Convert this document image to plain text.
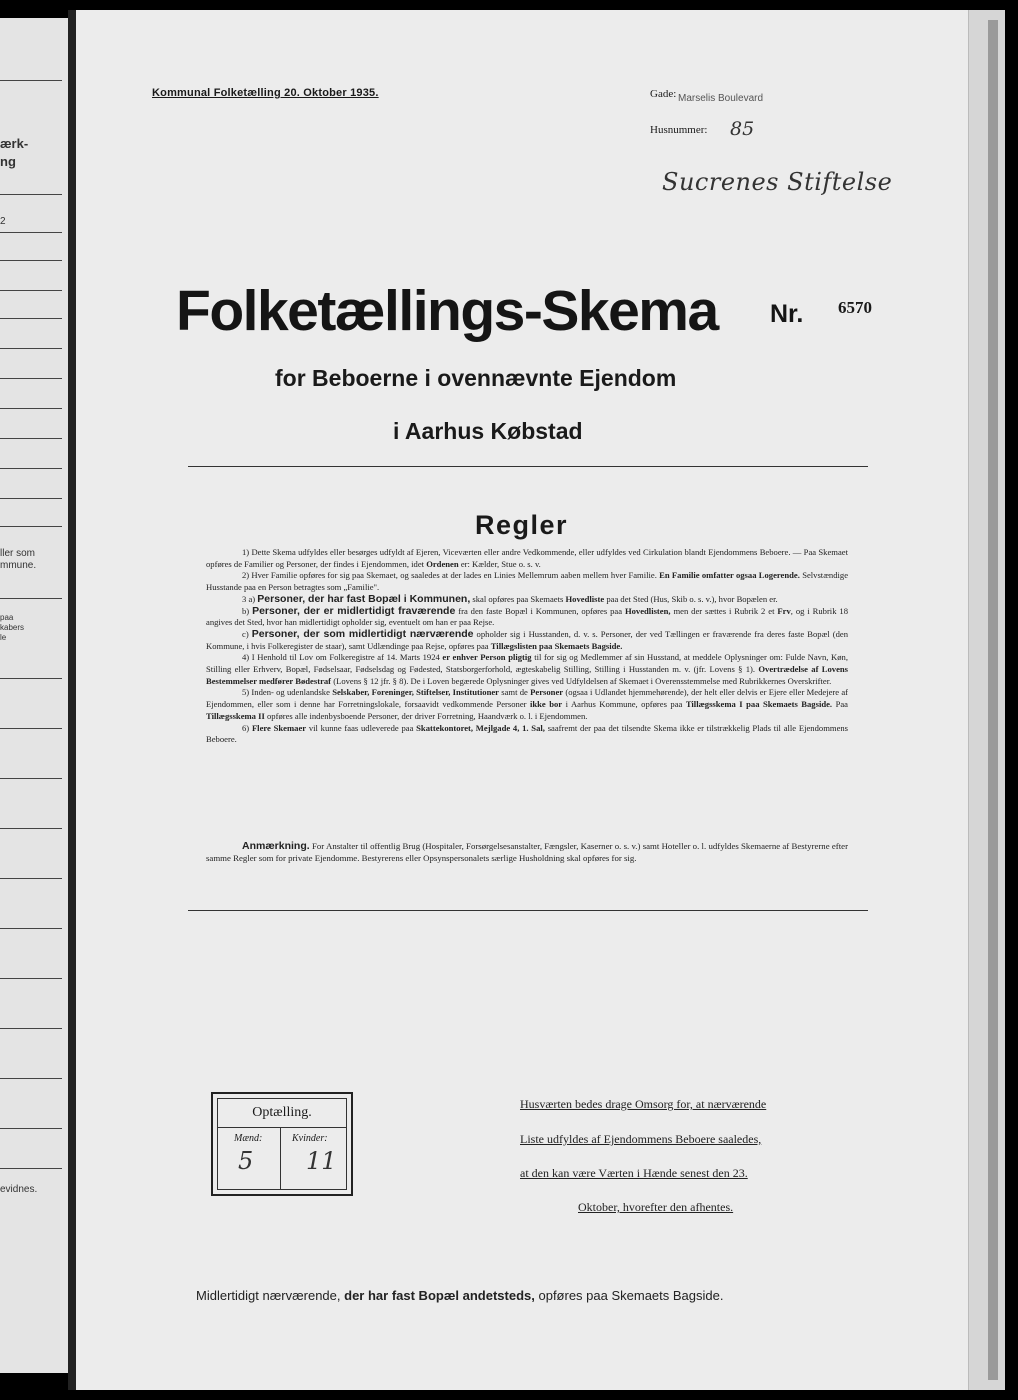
ærk-
ng
2
ller som
mmune.
paa
kabers
le
evidnes.
Kommunal Folketælling 20. Oktober 1935.	Gade: Marselis Boulevard
Husnummer: 85
Sucrenes Stiftelse
Folketællings-Skema Nr. 6570
for Beboerne i ovennævnte Ejendom
i Aarhus Købstad
Regler

1) Dette Skema udfyldes eller besørges udfyldt af Ejeren, Viceværten eller andre Vedkommende, eller udfyldes ved Cirkulation blandt Ejendommens Beboere. — Paa Skemaet opføres de Familier og Personer, der findes i Ejendommen, idet Ordenen er: Kælder, Stue o. s. v.

2) Hver Familie opføres for sig paa Skemaet, og saaledes at der lades en Linies Mellemrum aaben mellem hver Familie. En Familie omfatter ogsaa Logerende. Selvstændige Husstande paa en Person betragtes som „Familie".

3 a) Personer, der har fast Bopæl i Kommunen, skal opføres paa Skemaets Hovedliste paa det Sted (Hus, Skib o. s. v.), hvor Bopælen er.

b) Personer, der er midlertidigt fraværende fra den faste Bopæl i Kommunen, opføres paa Hovedlisten, men der sættes i Rubrik 2 et Frv, og i Rubrik 18 angives det Sted, hvor han midlertidigt opholder sig, eventuelt om han er paa Rejse.

c) Personer, der som midlertidigt nærværende opholder sig i Husstanden, d. v. s. Personer, der ved Tællingen er fraværende fra deres faste Bopæl (den Kommune, i hvis Folkeregister de staar), samt Udlændinge paa Rejse, opføres paa Tillægslisten paa Skemaets Bagside.

4) I Henhold til Lov om Folkeregistre af 14. Marts 1924 er enhver Person pligtig til for sig og Medlemmer af sin Husstand, at meddele Oplysninger om: Fulde Navn, Køn, Stilling eller Erhverv, Bopæl, Fødselsaar, Fødselsdag og Fødested, Statsborgerforhold, ægteskabelig Stilling, Stilling i Husstanden m. v. (jfr. Lovens § 1). Overtrædelse af Lovens Bestemmelser medfører Bødestraf (Lovens § 12 jfr. § 8). De i Loven begærede Oplysninger gives ved Udfyldelsen af Skemaet i Overensstemmelse med Rubrikkernes Overskrifter.

5) Inden- og udenlandske Selskaber, Foreninger, Stiftelser, Institutioner samt de Personer (ogsaa i Udlandet hjemmehørende), der helt eller delvis er Ejere eller Medejere af Ejendommen, eller som i denne har Forretningslokale, forsaavidt vedkommende Personer ikke bor i Aarhus Kommune, opføres paa Tillægsskema I paa Skemaets Bagside. Paa Tillægsskema II opføres alle indenbysboende Personer, der driver Forretning, Haandværk o. l. i Ejendommen.

6) Flere Skemaer vil kunne faas udleverede paa Skattekontoret, Mejlgade 4, 1. Sal, saafremt der paa det tilsendte Skema ikke er tilstrækkelig Plads til alle Ejendommens Beboere.

Anmærkning. For Anstalter til offentlig Brug (Hospitaler, Forsørgelsesanstalter, Fængsler, Kaserner o. s. v.) samt Hoteller o. l. udfyldes Skemaerne af Bestyrerne efter samme Regler som for private Ejendomme. Bestyrerens eller Opsynspersonalets særlige Husholdning skal opføres for sig.
Optælling.
Mænd:	Kvinder:
5 11
Husværten bedes drage Omsorg for, at nærværende
Liste udfyldes af Ejendommens Beboere saaledes,
at den kan være Værten i Hænde senest den 23.
Oktober, hvorefter den afhentes.
Midlertidigt nærværende, der har fast Bopæl andetsteds, opføres paa Skemaets Bagside.
